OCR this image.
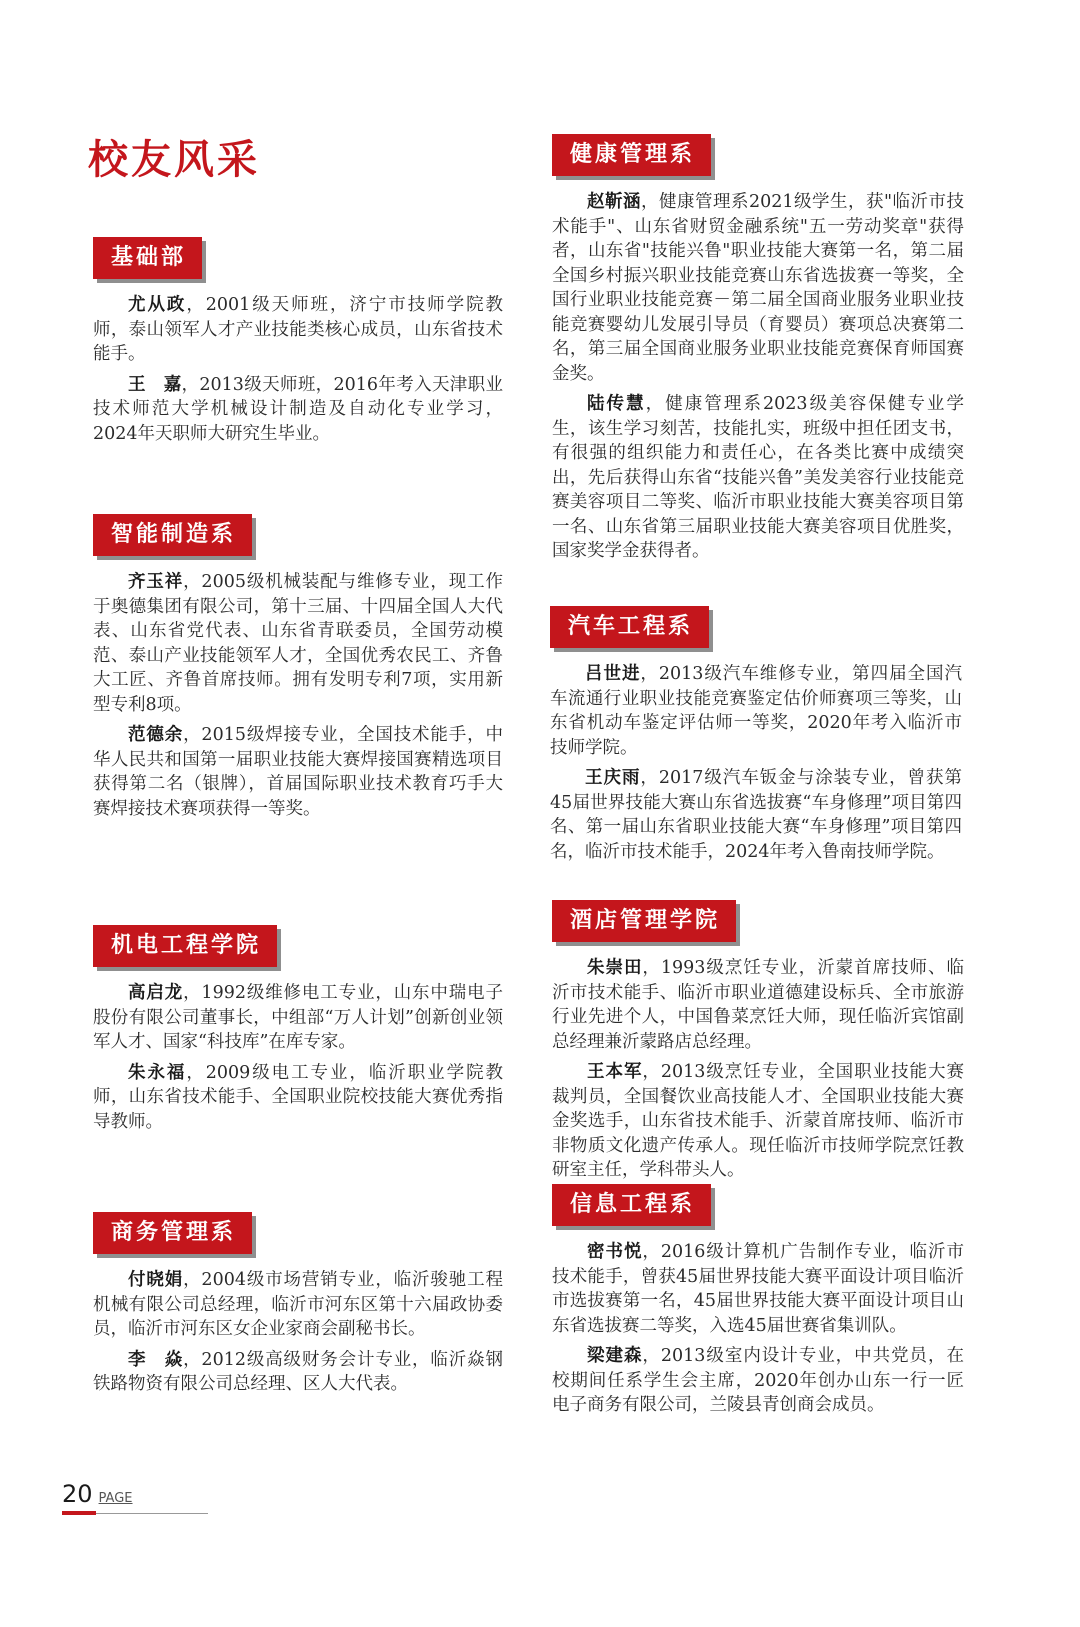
校友风采
基础部

尤从政，2001级天师班，济宁市技师学院教师，泰山领军人才产业技能类核心成员，山东省技术能手。

王　嘉，2013级天师班，2016年考入天津职业技术师范大学机械设计制造及自动化专业学习，2024年天职师大研究生毕业。

智能制造系

齐玉祥，2005级机械装配与维修专业，现工作于奥德集团有限公司，第十三届、十四届全国人大代表、山东省党代表、山东省青联委员，全国劳动模范、泰山产业技能领军人才，全国优秀农民工、齐鲁大工匠、齐鲁首席技师。拥有发明专利7项，实用新型专利8项。

范德余，2015级焊接专业，全国技术能手，中华人民共和国第一届职业技能大赛焊接国赛精选项目获得第二名（银牌），首届国际职业技术教育巧手大赛焊接技术赛项获得一等奖。

机电工程学院

高启龙，1992级维修电工专业，山东中瑞电子股份有限公司董事长，中组部“万人计划”创新创业领军人才、国家“科技库”在库专家。

朱永福，2009级电工专业，临沂职业学院教师，山东省技术能手、全国职业院校技能大赛优秀指导教师。

商务管理系

付晓娟，2004级市场营销专业，临沂骏驰工程机械有限公司总经理，临沂市河东区第十六届政协委员，临沂市河东区女企业家商会副秘书长。

李　焱，2012级高级财务会计专业，临沂焱钢铁路物资有限公司总经理、区人大代表。

健康管理系

赵靳涵，健康管理系2021级学生，获"临沂市技术能手"、山东省财贸金融系统"五一劳动奖章"获得者，山东省"技能兴鲁"职业技能大赛第一名，第二届全国乡村振兴职业技能竞赛山东省选拔赛一等奖，全国行业职业技能竞赛－第二届全国商业服务业职业技能竞赛婴幼儿发展引导员（育婴员）赛项总决赛第二名，第三届全国商业服务业职业技能竞赛保育师国赛金奖。

陆传慧，健康管理系2023级美容保健专业学生，该生学习刻苦，技能扎实，班级中担任团支书，有很强的组织能力和责任心，在各类比赛中成绩突出，先后获得山东省“技能兴鲁”美发美容行业技能竞赛美容项目二等奖、临沂市职业技能大赛美容项目第一名、山东省第三届职业技能大赛美容项目优胜奖，国家奖学金获得者。

汽车工程系

吕世进，2013级汽车维修专业，第四届全国汽车流通行业职业技能竞赛鉴定估价师赛项三等奖，山东省机动车鉴定评估师一等奖，2020年考入临沂市技师学院。

王庆雨，2017级汽车钣金与涂装专业，曾获第45届世界技能大赛山东省选拔赛“车身修理”项目第四名、第一届山东省职业技能大赛“车身修理”项目第四名，临沂市技术能手，2024年考入鲁南技师学院。

酒店管理学院

朱崇田，1993级烹饪专业，沂蒙首席技师、临沂市技术能手、临沂市职业道德建设标兵、全市旅游行业先进个人，中国鲁菜烹饪大师，现任临沂宾馆副总经理兼沂蒙路店总经理。

王本军，2013级烹饪专业，全国职业技能大赛裁判员，全国餐饮业高技能人才、全国职业技能大赛金奖选手，山东省技术能手、沂蒙首席技师、临沂市非物质文化遗产传承人。现任临沂市技师学院烹饪教研室主任，学科带头人。

信息工程系

密书悦，2016级计算机广告制作专业，临沂市技术能手，曾获45届世界技能大赛平面设计项目临沂市选拔赛第一名，45届世界技能大赛平面设计项目山东省选拔赛二等奖，入选45届世赛省集训队。

梁建森，2013级室内设计专业，中共党员，在校期间任系学生会主席，2020年创办山东一行一匠电子商务有限公司，兰陵县青创商会成员。

20 PAGE
